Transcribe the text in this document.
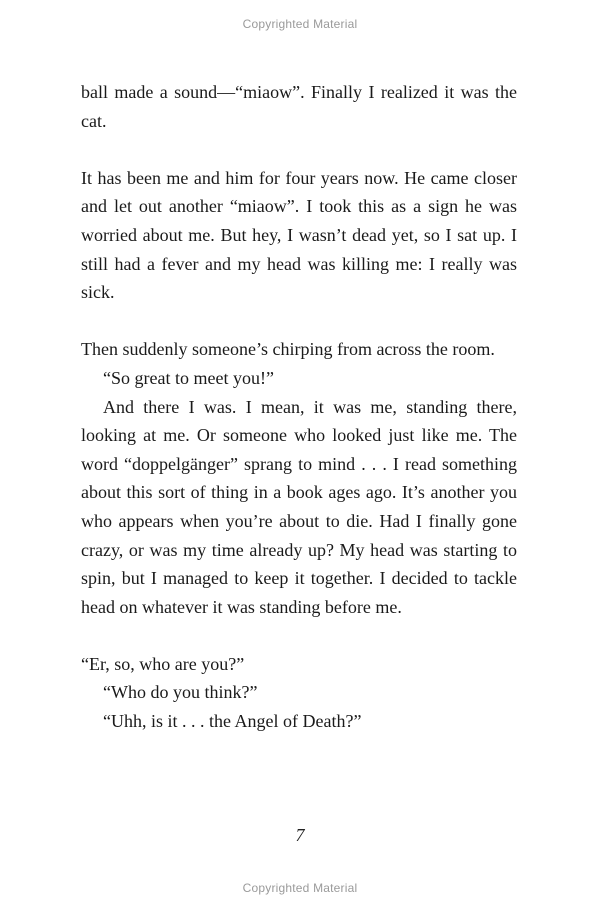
Copyrighted Material

ball made a sound—“miaow”. Finally I realized it was the cat.

It has been me and him for four years now. He came closer and let out another “miaow”. I took this as a sign he was worried about me. But hey, I wasn’t dead yet, so I sat up. I still had a fever and my head was killing me: I really was sick.

Then suddenly someone’s chirping from across the room.

“So great to meet you!”

And there I was. I mean, it was me, standing there, looking at me. Or someone who looked just like me. The word “doppelgänger” sprang to mind . . . I read something about this sort of thing in a book ages ago. It’s another you who appears when you’re about to die. Had I finally gone crazy, or was my time already up? My head was starting to spin, but I managed to keep it together. I decided to tackle head on whatever it was standing before me.

“Er, so, who are you?”

“Who do you think?”

“Uhh, is it . . . the Angel of Death?”

7
Copyrighted Material
